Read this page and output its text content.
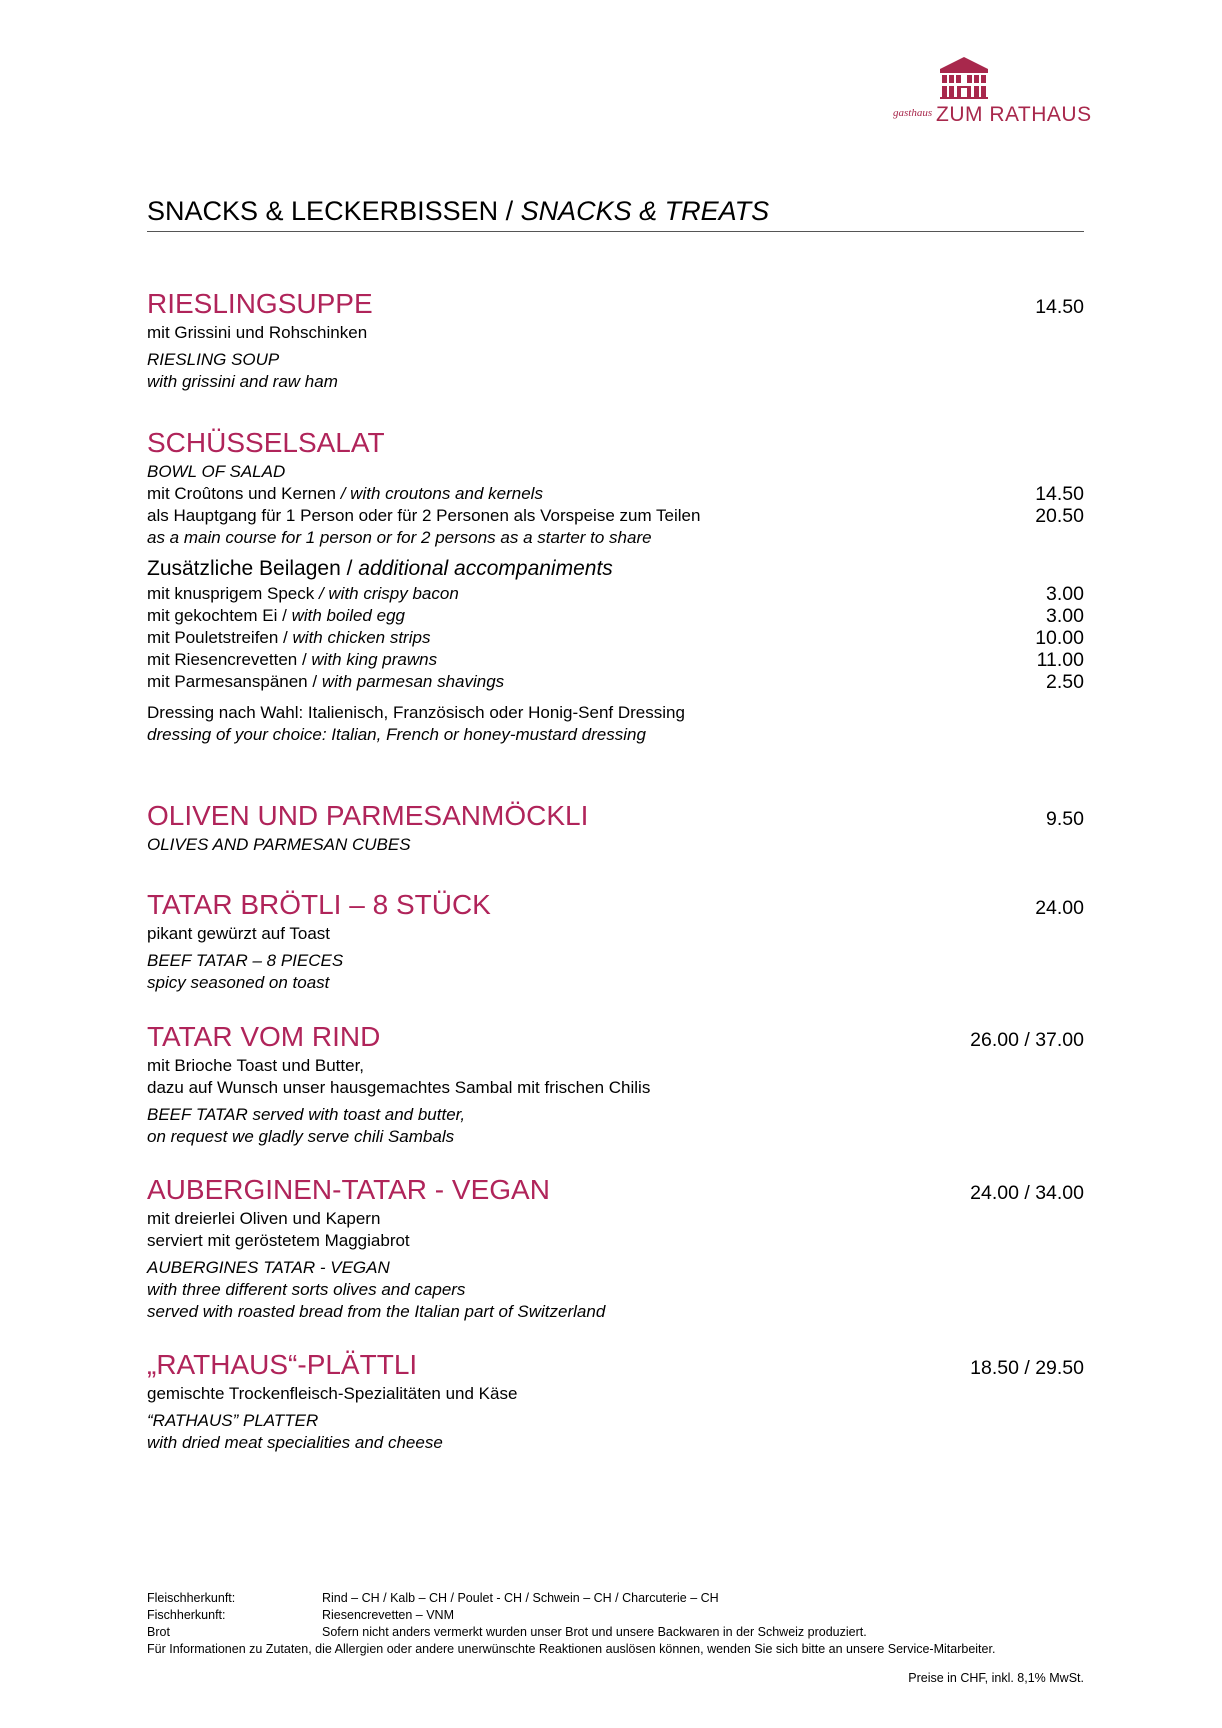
gasthaus ZUM RATHAUS
SNACKS & LECKERBISSEN / SNACKS & TREATS
RIESLINGSUPPE	14.50
mit Grissini und Rohschinken
RIESLING SOUP
with grissini and raw ham
SCHÜSSELSALAT
BOWL OF SALAD
mit Croûtons und Kernen / with croutons and kernels	14.50
als Hauptgang für 1 Person oder für 2 Personen als Vorspeise zum Teilen	20.50
as a main course for 1 person or for 2 persons as a starter to share
Zusätzliche Beilagen / additional accompaniments
mit knusprigem Speck / with crispy bacon	3.00
mit gekochtem Ei / with boiled egg	3.00
mit Pouletstreifen / with chicken strips	10.00
mit Riesencrevetten / with king prawns	11.00
mit Parmesanspänen / with parmesan shavings	2.50
Dressing nach Wahl: Italienisch, Französisch oder Honig-Senf Dressing
dressing of your choice: Italian, French or honey-mustard dressing
OLIVEN UND PARMESANMÖCKLI	9.50
OLIVES AND PARMESAN CUBES
TATAR BRÖTLI – 8 STÜCK	24.00
pikant gewürzt auf Toast
BEEF TATAR – 8 PIECES
spicy seasoned on toast
TATAR VOM RIND	26.00 / 37.00
mit Brioche Toast und Butter,
dazu auf Wunsch unser hausgemachtes Sambal mit frischen Chilis
BEEF TATAR served with toast and butter,
on request we gladly serve chili Sambals
AUBERGINEN-TATAR - VEGAN	24.00 / 34.00
mit dreierlei Oliven und Kapern
serviert mit geröstetem Maggiabrot
AUBERGINES TATAR - VEGAN
with three different sorts olives and capers
served with roasted bread from the Italian part of Switzerland
„RATHAUS“-PLÄTTLI	18.50 / 29.50
gemischte Trockenfleisch-Spezialitäten und Käse
“RATHAUS” PLATTER
with dried meat specialities and cheese
Fleischherkunft:	Rind – CH / Kalb – CH / Poulet - CH / Schwein – CH / Charcuterie – CH
Fischherkunft:	Riesencrevetten – VNM
Brot	Sofern nicht anders vermerkt wurden unser Brot und unsere Backwaren in der Schweiz produziert.
Für Informationen zu Zutaten, die Allergien oder andere unerwünschte Reaktionen auslösen können, wenden Sie sich bitte an unsere Service-Mitarbeiter.
Preise in CHF, inkl. 8,1% MwSt.
